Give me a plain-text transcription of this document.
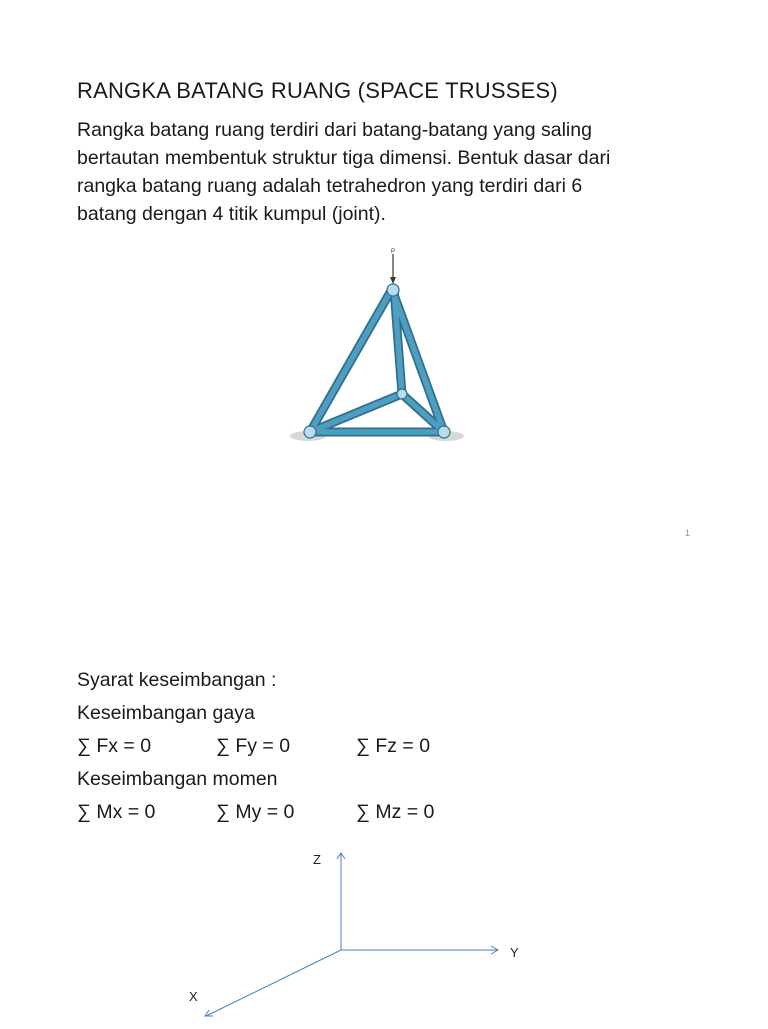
RANGKA BATANG RUANG (SPACE TRUSSES)
Rangka batang ruang terdiri dari batang-batang yang saling
bertautan membentuk struktur tiga dimensi. Bentuk dasar dari
rangka batang ruang adalah tetrahedron yang terdiri dari 6
batang dengan 4 titik kumpul (joint).
P
1
Syarat keseimbangan :
Keseimbangan gaya
∑ Fx = 0	∑ Fy = 0	∑ Fz = 0
Keseimbangan momen
∑ Mx = 0	∑ My = 0	∑ Mz = 0
Z
Y
X
